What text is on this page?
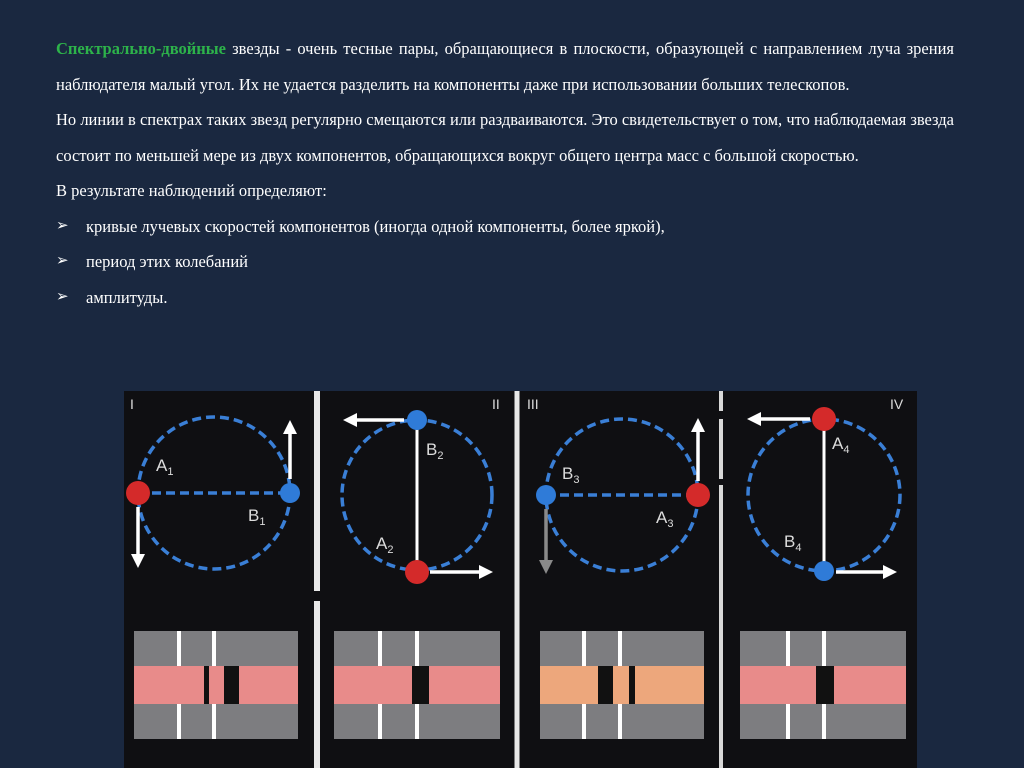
Спектрально-двойные звезды - очень тесные пары, обращающиеся в плоскости, образующей с направлением луча зрения наблюдателя малый угол. Их не удается разделить на компоненты даже при использовании больших телескопов.

Но линии в спектрах таких звезд регулярно смещаются или раздваиваются. Это свидетельствует о том, что наблюдаемая звезда состоит по меньшей мере из двух компонентов, обращающихся вокруг общего центра масс с большой скоростью.

В результате наблюдений определяют:

➢ кривые лучевых скоростей компонентов (иногда одной компоненты, более яркой),
➢ период этих колебаний
➢ амплитуды.
I
$A_1$
$B_1$
II
$B_2$
$A_2$
III
$B_3$
$A_3$
IV
$A_4$
$B_4$
